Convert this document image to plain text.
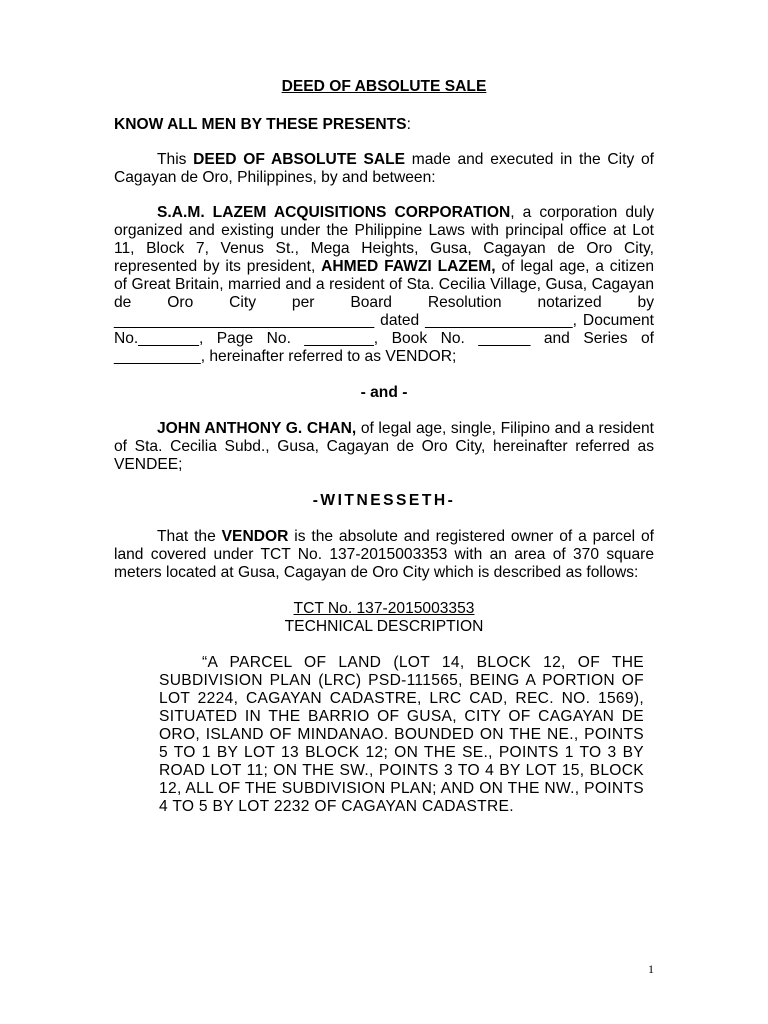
DEED OF ABSOLUTE SALE

KNOW ALL MEN BY THESE PRESENTS:

This DEED OF ABSOLUTE SALE made and executed in the City of Cagayan de Oro, Philippines, by and between:

S.A.M. LAZEM ACQUISITIONS CORPORATION, a corporation duly organized and existing under the Philippine Laws with principal office at Lot 11, Block 7, Venus St., Mega Heights, Gusa, Cagayan de Oro City, represented by its president, AHMED FAWZI LAZEM, of legal age, a citizen of Great Britain, married and a resident of Sta. Cecilia Village, Gusa, Cagayan de Oro City per Board Resolution notarized by ______________________________ dated _________________, Document No._______, Page No. ________, Book No. ______ and Series of __________, hereinafter referred to as VENDOR;

- and -

JOHN ANTHONY G. CHAN, of legal age, single, Filipino and a resident of Sta. Cecilia Subd., Gusa, Cagayan de Oro City, hereinafter referred as VENDEE;

-WITNESSETH-

That the VENDOR is the absolute and registered owner of a parcel of land covered under TCT No. 137-2015003353 with an area of 370 square meters located at Gusa, Cagayan de Oro City which is described as follows:

TCT No. 137-2015003353

TECHNICAL DESCRIPTION

“A PARCEL OF LAND (LOT 14, BLOCK 12, OF THE SUBDIVISION PLAN (LRC) PSD-111565, BEING A PORTION OF LOT 2224, CAGAYAN CADASTRE, LRC CAD, REC. NO. 1569), SITUATED IN THE BARRIO OF GUSA, CITY OF CAGAYAN DE ORO, ISLAND OF MINDANAO. BOUNDED ON THE NE., POINTS 5 TO 1 BY LOT 13 BLOCK 12; ON THE SE., POINTS 1 TO 3 BY ROAD LOT 11; ON THE SW., POINTS 3 TO 4 BY LOT 15, BLOCK 12, ALL OF THE SUBDIVISION PLAN; AND ON THE NW., POINTS 4 TO 5 BY LOT 2232 OF CAGAYAN CADASTRE.

1
